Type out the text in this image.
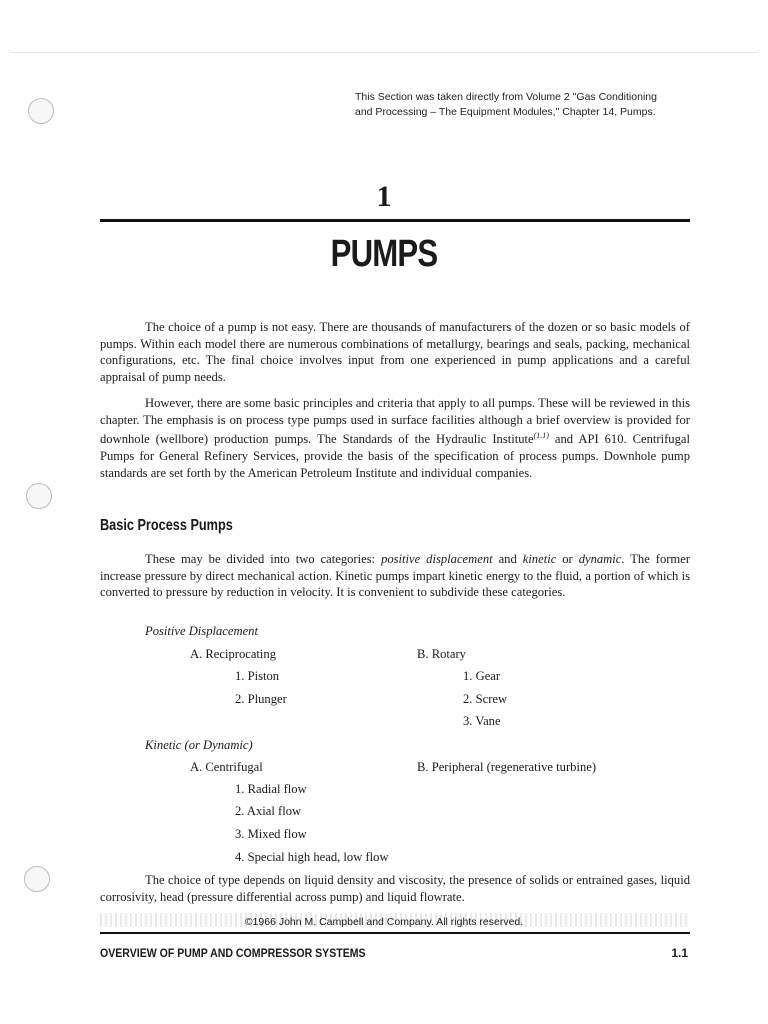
This Section was taken directly from Volume 2 "Gas Conditioning
and Processing – The Equipment Modules," Chapter 14, Pumps.
1
PUMPS

The choice of a pump is not easy. There are thousands of manufacturers of the dozen or so basic models of pumps. Within each model there are numerous combinations of metallurgy, bearings and seals, packing, mechanical configurations, etc. The final choice involves input from one experienced in pump applications and a careful appraisal of pump needs.

However, there are some basic principles and criteria that apply to all pumps. These will be reviewed in this chapter. The emphasis is on process type pumps used in surface facilities although a brief overview is provided for downhole (wellbore) production pumps. The Standards of the Hydraulic Institute$^{(1.1)}$ and API 610. Centrifugal Pumps for General Refinery Services, provide the basis of the specification of process pumps. Downhole pump standards are set forth by the American Petroleum Institute and individual companies.

Basic Process Pumps

These may be divided into two categories: positive displacement and kinetic or dynamic. The former increase pressure by direct mechanical action. Kinetic pumps impart kinetic energy to the fluid, a portion of which is converted to pressure by reduction in velocity. It is convenient to subdivide these categories.

Positive Displacement
A. Reciprocating
1. Piston
2. Plunger
B. Rotary
1. Gear
2. Screw
3. Vane
Kinetic (or Dynamic)
A. Centrifugal
1. Radial flow
2. Axial flow
3. Mixed flow
4. Special high head, low flow
B. Peripheral (regenerative turbine)

The choice of type depends on liquid density and viscosity, the presence of solids or entrained gases, liquid corrosivity, head (pressure differential across pump) and liquid flowrate.

©1966 John M. Campbell and Company. All rights reserved.
OVERVIEW OF PUMP AND COMPRESSOR SYSTEMS	1.1
